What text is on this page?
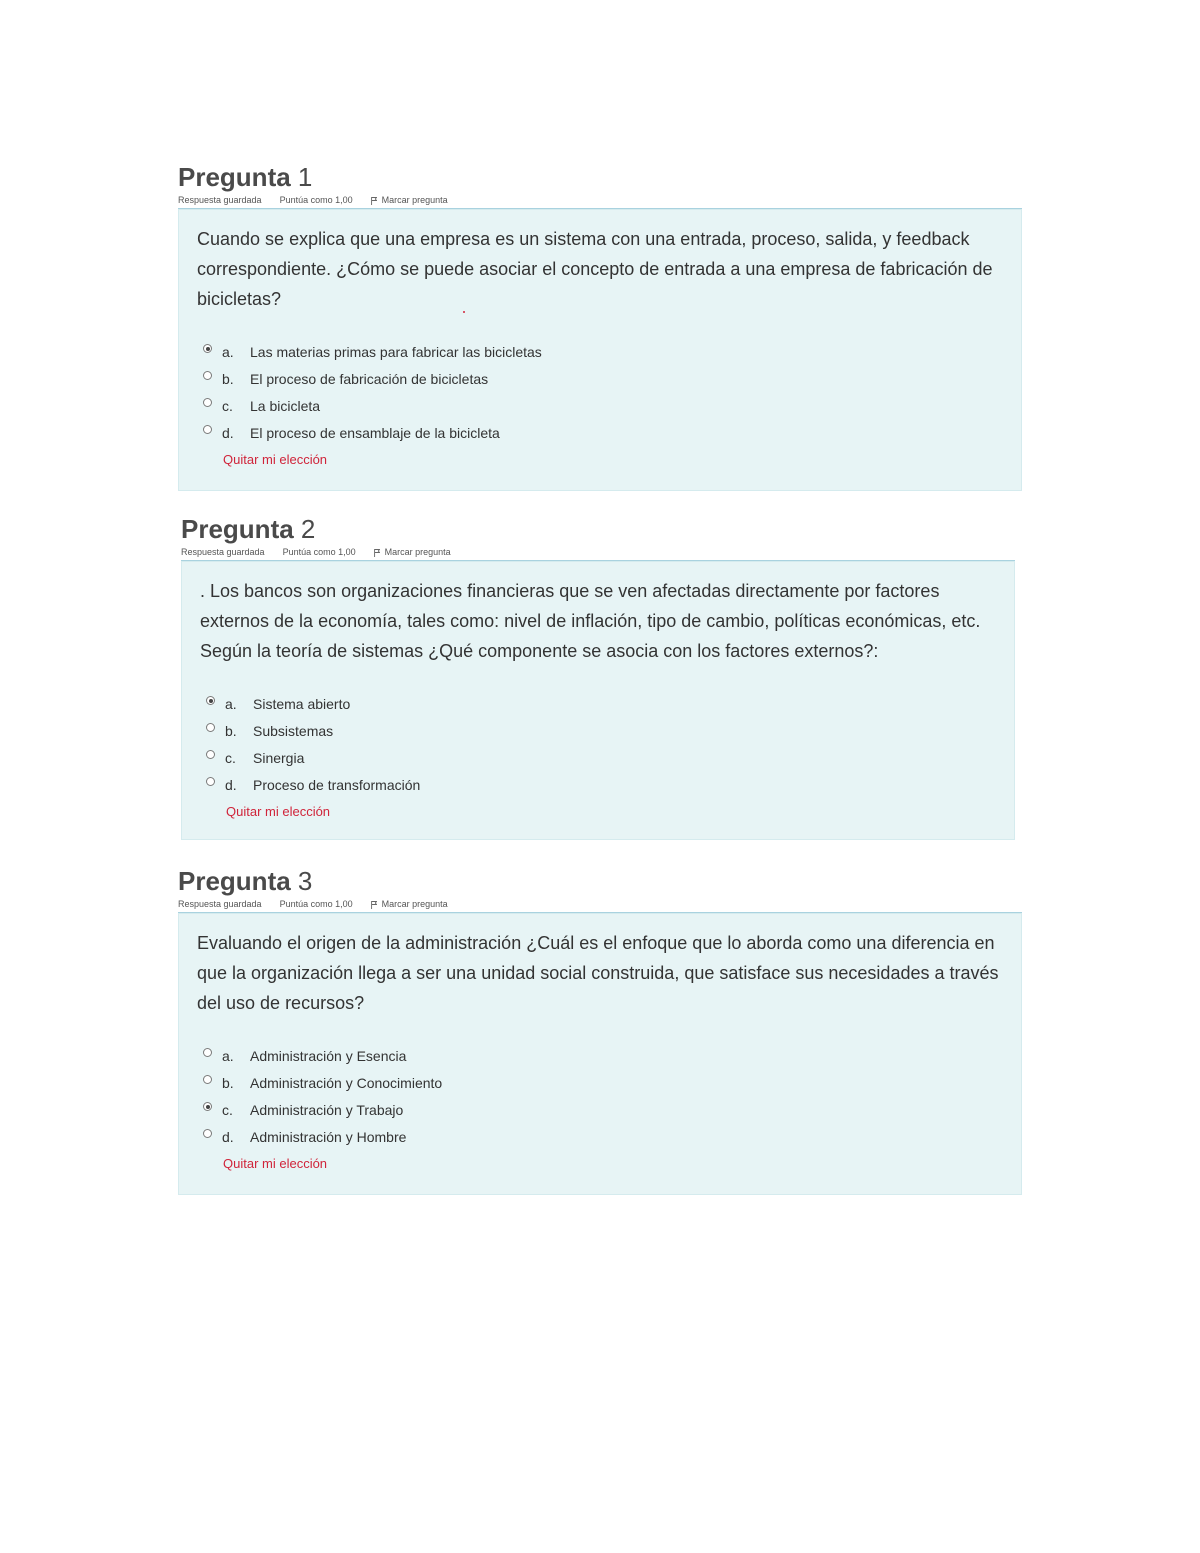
Pregunta 1
Respuesta guardada Puntúa como 1,00	Marcar pregunta

Cuando se explica que una empresa es un sistema con una entrada, proceso, salida, y feedback correspondiente. ¿Cómo se puede asociar el concepto de entrada a una empresa de fabricación de bicicletas?

a.	Las materias primas para fabricar las bicicletas
b.	El proceso de fabricación de bicicletas
c.	La bicicleta
d.	El proceso de ensamblaje de la bicicleta
Quitar mi elección
Pregunta 2
Respuesta guardada Puntúa como 1,00	Marcar pregunta

. Los bancos son organizaciones financieras que se ven afectadas directamente por factores externos de la economía, tales como: nivel de inflación, tipo de cambio, políticas económicas, etc. Según la teoría de sistemas ¿Qué componente se asocia con los factores externos?:

a.	Sistema abierto
b.	Subsistemas
c.	Sinergia
d.	Proceso de transformación
Quitar mi elección
Pregunta 3
Respuesta guardada Puntúa como 1,00	Marcar pregunta

Evaluando el origen de la administración ¿Cuál es el enfoque que lo aborda como una diferencia en que la organización llega a ser una unidad social construida, que satisface sus necesidades a través del uso de recursos?

a.	Administración y Esencia
b.	Administración y Conocimiento
c.	Administración y Trabajo
d.	Administración y Hombre
Quitar mi elección
